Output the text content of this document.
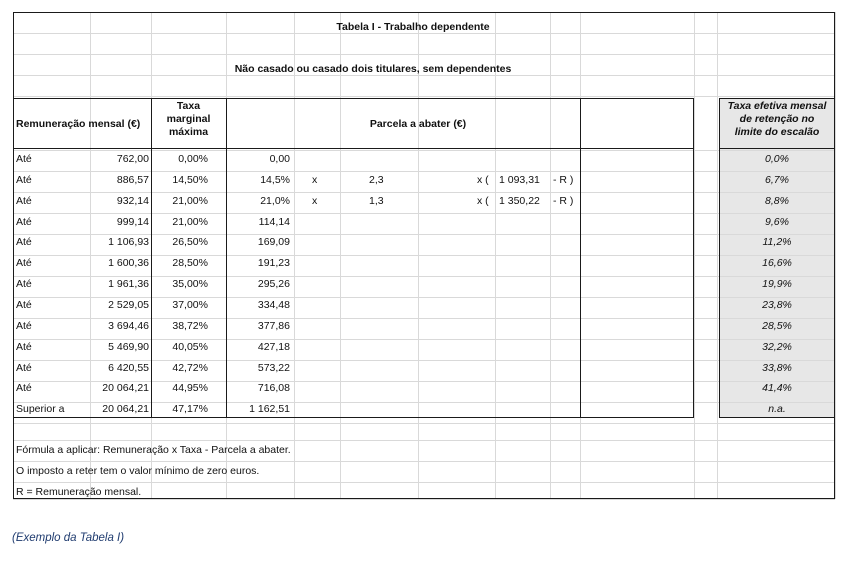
Tabela I - Trabalho dependente
Não casado ou casado dois titulares, sem dependentes
Remuneração mensal (€)
Taxa
marginal
máxima
Parcela a abater (€)
Taxa efetiva mensal
de retenção no
limite do escalão
Até	762,00	0,00%	0,00	0,0%
Até	886,57	14,50%	14,5% x	2,3	x ( 1 093,31	- R )	6,7%
Até	932,14	21,00%	21,0% x	1,3	x ( 1 350,22	- R )	8,8%
Até	999,14	21,00%	114,14	9,6%
Até	1 106,93	26,50%	169,09	11,2%
Até	1 600,36	28,50%	191,23	16,6%
Até	1 961,36	35,00%	295,26	19,9%
Até	2 529,05	37,00%	334,48	23,8%
Até	3 694,46	38,72%	377,86	28,5%
Até	5 469,90	40,05%	427,18	32,2%
Até	6 420,55	42,72%	573,22	33,8%
Até	20 064,21	44,95%	716,08	41,4%
Superior a	20 064,21	47,17%	1 162,51	n.a.
Fórmula a aplicar: Remuneração x Taxa - Parcela a abater.
O imposto a reter tem o valor mínimo de zero euros.
R = Remuneração mensal.
(Exemplo da Tabela I)
